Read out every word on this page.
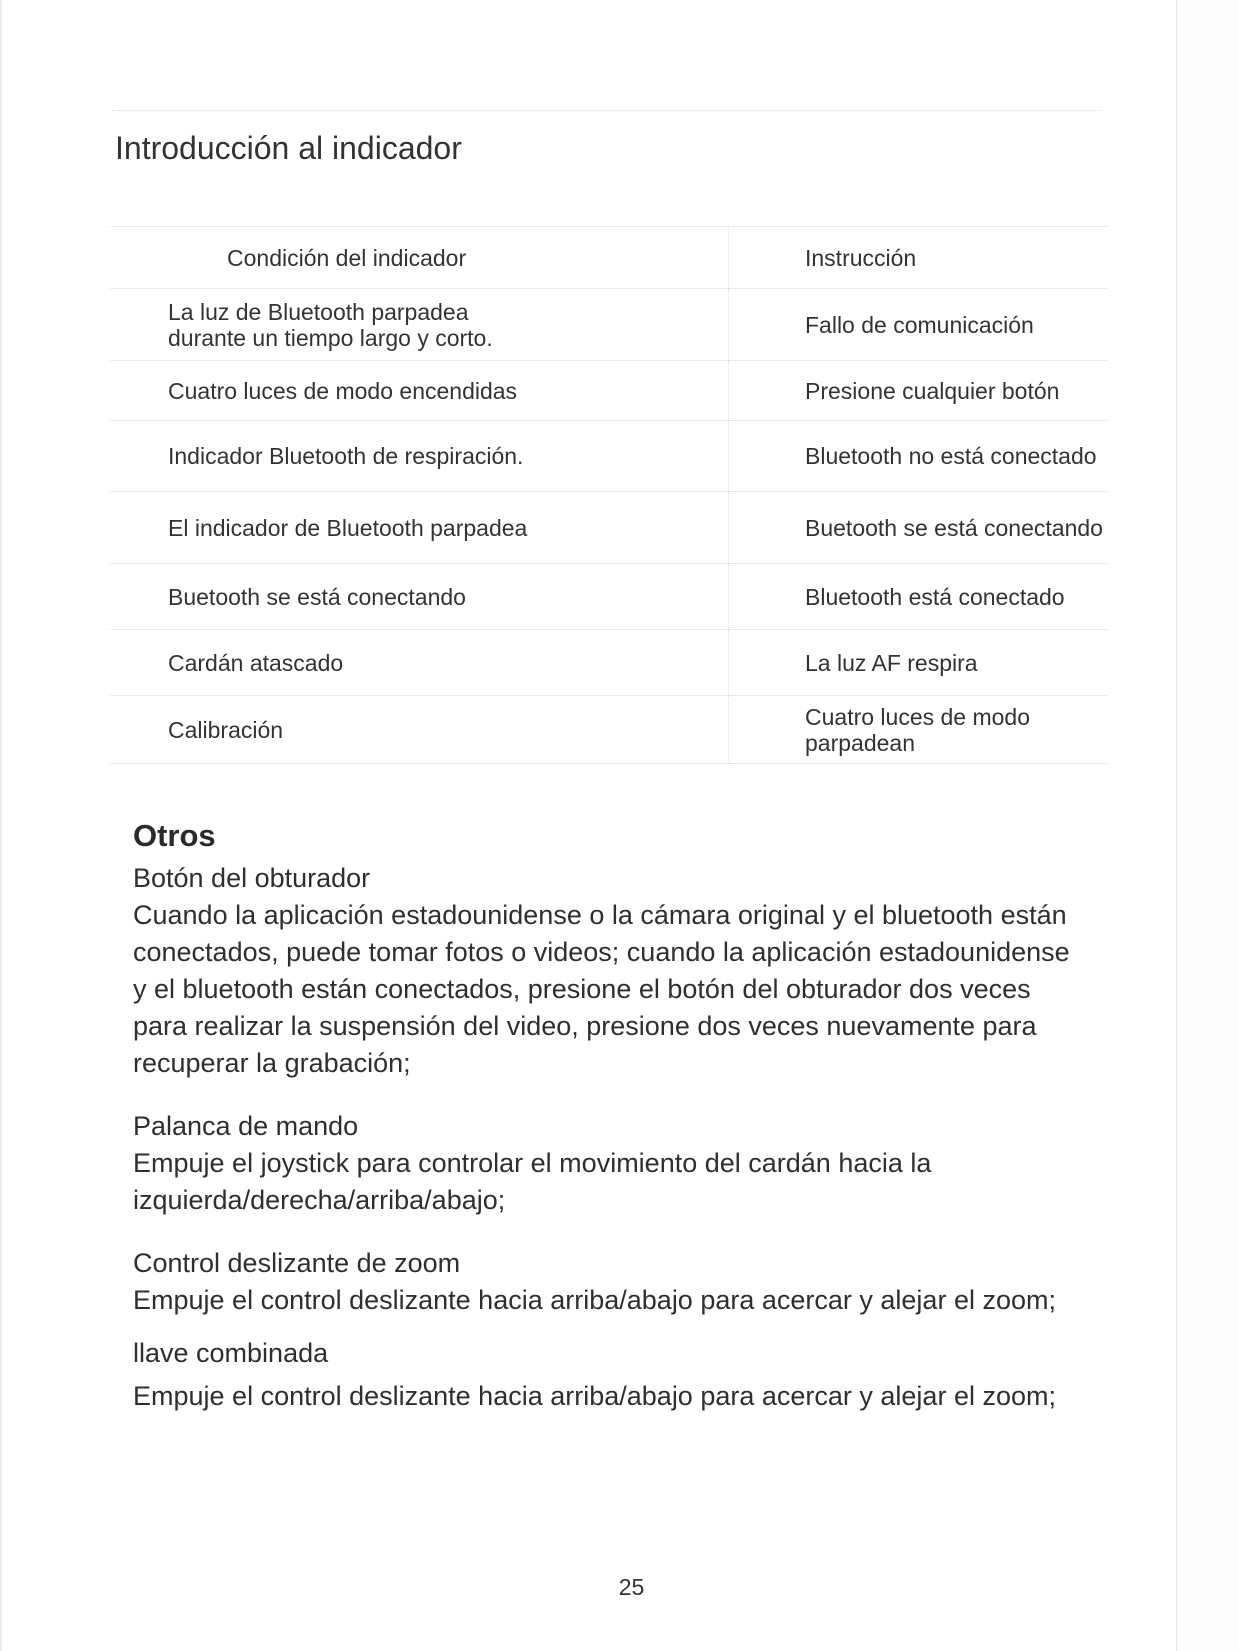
Introducción al indicador
Condición del indicador	Instrucción

La luz de Bluetooth parpadea
durante un tiempo largo y corto.	Fallo de comunicación
Cuatro luces de modo encendidas	Presione cualquier botón
Indicador Bluetooth de respiración.	Bluetooth no está conectado
El indicador de Bluetooth parpadea	Buetooth se está conectando
Buetooth se está conectando	Bluetooth está conectado
Cardán atascado	La luz AF respira
Calibración	Cuatro luces de modo parpadean
Otros

Botón del obturador

Cuando la aplicación estadounidense o la cámara original y el bluetooth están conectados, puede tomar fotos o videos; cuando la aplicación estadounidense y el bluetooth están conectados, presione el botón del obturador dos veces para realizar la suspensión del video, presione dos veces nuevamente para recuperar la grabación;

Palanca de mando

Empuje el joystick para controlar el movimiento del cardán hacia la izquierda/derecha/arriba/abajo;

Control deslizante de zoom

Empuje el control deslizante hacia arriba/abajo para acercar y alejar el zoom;

llave combinada

Empuje el control deslizante hacia arriba/abajo para acercar y alejar el zoom;

25
